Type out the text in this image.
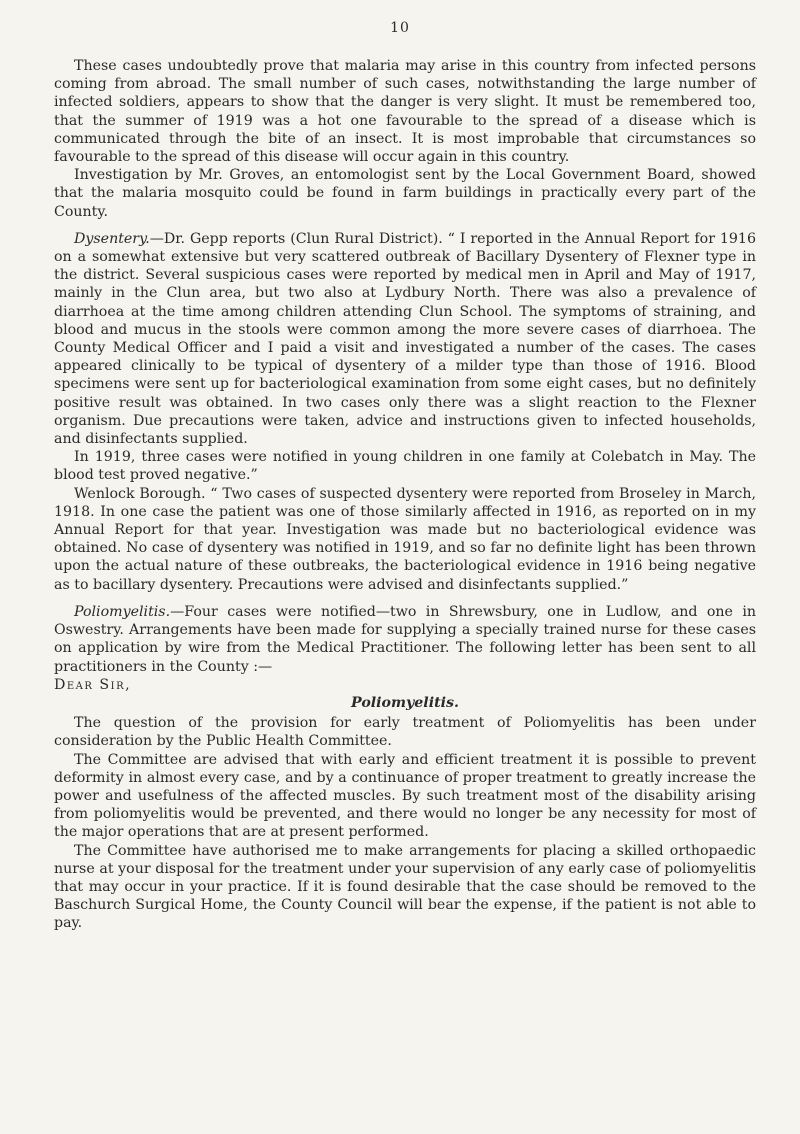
10

These cases undoubtedly prove that malaria may arise in this country from infected persons coming from abroad. The small number of such cases, notwithstanding the large number of infected soldiers, appears to show that the danger is very slight. It must be remembered too, that the summer of 1919 was a hot one favourable to the spread of a disease which is communicated through the bite of an insect. It is most improbable that circumstances so favourable to the spread of this disease will occur again in this country.

Investigation by Mr. Groves, an entomologist sent by the Local Government Board, showed that the malaria mosquito could be found in farm buildings in practically every part of the County.

Dysentery.—Dr. Gepp reports (Clun Rural District). “ I reported in the Annual Report for 1916 on a somewhat extensive but very scattered outbreak of Bacillary Dysentery of Flexner type in the district. Several suspicious cases were reported by medical men in April and May of 1917, mainly in the Clun area, but two also at Lydbury North. There was also a prevalence of diarrhoea at the time among children attending Clun School. The symptoms of straining, and blood and mucus in the stools were common among the more severe cases of diarrhoea. The County Medical Officer and I paid a visit and investigated a number of the cases. The cases appeared clinically to be typical of dysentery of a milder type than those of 1916. Blood specimens were sent up for bacteriological examination from some eight cases, but no definitely positive result was obtained. In two cases only there was a slight reaction to the Flexner organism. Due precautions were taken, advice and instructions given to infected households, and disinfectants supplied.

In 1919, three cases were notified in young children in one family at Colebatch in May. The blood test proved negative.”

Wenlock Borough. “ Two cases of suspected dysentery were reported from Broseley in March, 1918. In one case the patient was one of those similarly affected in 1916, as reported on in my Annual Report for that year. Investigation was made but no bacteriological evidence was obtained. No case of dysentery was notified in 1919, and so far no definite light has been thrown upon the actual nature of these outbreaks, the bacteriological evidence in 1916 being negative as to bacillary dysentery. Precautions were advised and disinfectants supplied.”

Poliomyelitis.—Four cases were notified—two in Shrewsbury, one in Ludlow, and one in Oswestry. Arrangements have been made for supplying a specially trained nurse for these cases on application by wire from the Medical Practitioner. The following letter has been sent to all practitioners in the County :—

Dear Sir,

Poliomyelitis.

The question of the provision for early treatment of Poliomyelitis has been under consideration by the Public Health Committee.

The Committee are advised that with early and efficient treatment it is possible to prevent deformity in almost every case, and by a continuance of proper treatment to greatly increase the power and usefulness of the affected muscles. By such treatment most of the disability arising from poliomyelitis would be prevented, and there would no longer be any necessity for most of the major operations that are at present performed.

The Committee have authorised me to make arrangements for placing a skilled orthopaedic nurse at your disposal for the treatment under your supervision of any early case of poliomyelitis that may occur in your practice. If it is found desirable that the case should be removed to the Baschurch Surgical Home, the County Council will bear the expense, if the patient is not able to pay.
